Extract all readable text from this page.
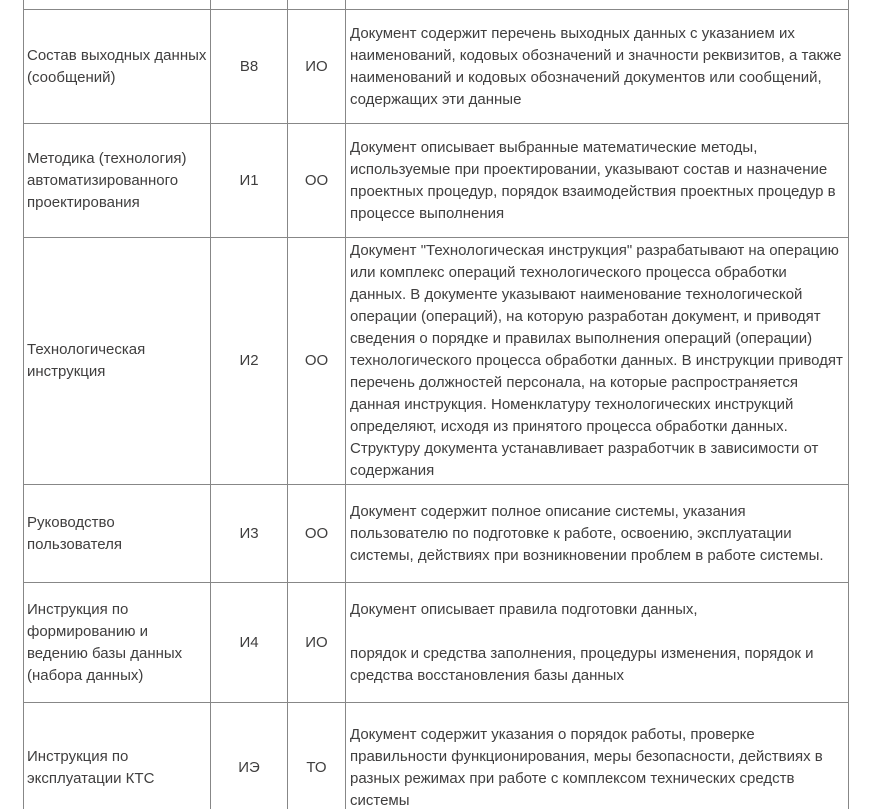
Состав выходных данных (сообщений)	В8	ИО	Документ содержит перечень выходных данных с указанием их наименований, кодовых обозначений и значности реквизитов, а также наименований и кодовых обозначений документов или сообщений, содержащих эти данные

Методика (технология) автоматизированного проектирования	И1	ОО	Документ описывает выбранные математические методы, используемые при проектировании, указывают состав и назначение проектных процедур, порядок взаимодействия проектных процедур в процессе выполнения

Технологическая инструкция	И2	ОО	Документ "Технологическая инструкция" разрабатывают на операцию или комплекс операций технологического процесса обработки данных. В документе указывают наименование технологической операции (операций), на которую разработан документ, и приводят сведения о порядке и правилах выполнения операций (операции) технологического процесса обработки данных. В инструкции приводят перечень должностей персонала, на которые распространяется данная инструкция. Номенклатуру технологических инструкций определяют, исходя из принятого процесса обработки данных. Структуру документа устанавливает разработчик в зависимости от содержания

Руководство пользователя	И3	ОО	Документ содержит полное описание системы, указания пользователю по подготовке к работе, освоению, эксплуатации системы, действиях при возникновении проблем в работе системы.

Инструкция по формированию и ведению базы данных (набора данных)	И4	ИО	Документ описывает правила подготовки данных,

порядок и средства заполнения, процедуры изменения, порядок и средства восстановления базы данных

Инструкция по эксплуатации КТС	ИЭ	ТО	Документ содержит указания о порядок работы, проверке правильности функционирования, меры безопасности, действиях в разных режимах при работе с комплексом технических средств системы
